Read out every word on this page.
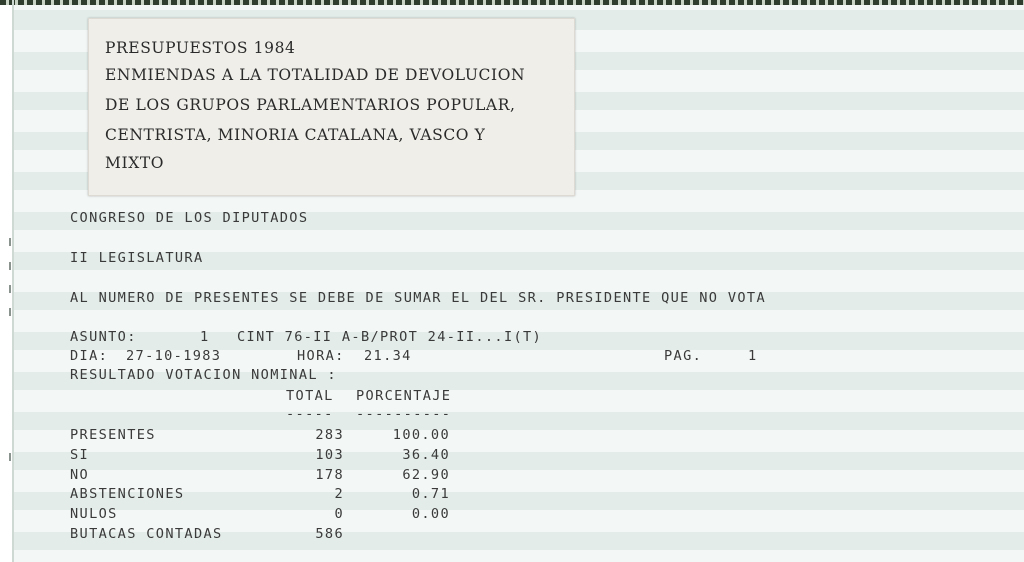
PRESUPUESTOS 1984
ENMIENDAS A LA TOTALIDAD DE DEVOLUCION
DE LOS GRUPOS PARLAMENTARIOS POPULAR,
CENTRISTA, MINORIA CATALANA, VASCO Y
MIXTO
CONGRESO DE LOS DIPUTADOS
II LEGISLATURA
AL NUMERO DE PRESENTES SE DEBE DE SUMAR EL DEL SR. PRESIDENTE QUE NO VOTA
ASUNTO:	1 CINT 76-II A-B/PROT 24-II...I(T)
DIA: 27-10-1983	HORA: 21.34	PAG.	1
RESULTADO VOTACION NOMINAL :
TOTAL PORCENTAJE
----- ----------
PRESENTES	283	100.00
SI	103	36.40
NO	178	62.90
ABSTENCIONES	2	0.71
NULOS	0	0.00
BUTACAS CONTADAS	586
